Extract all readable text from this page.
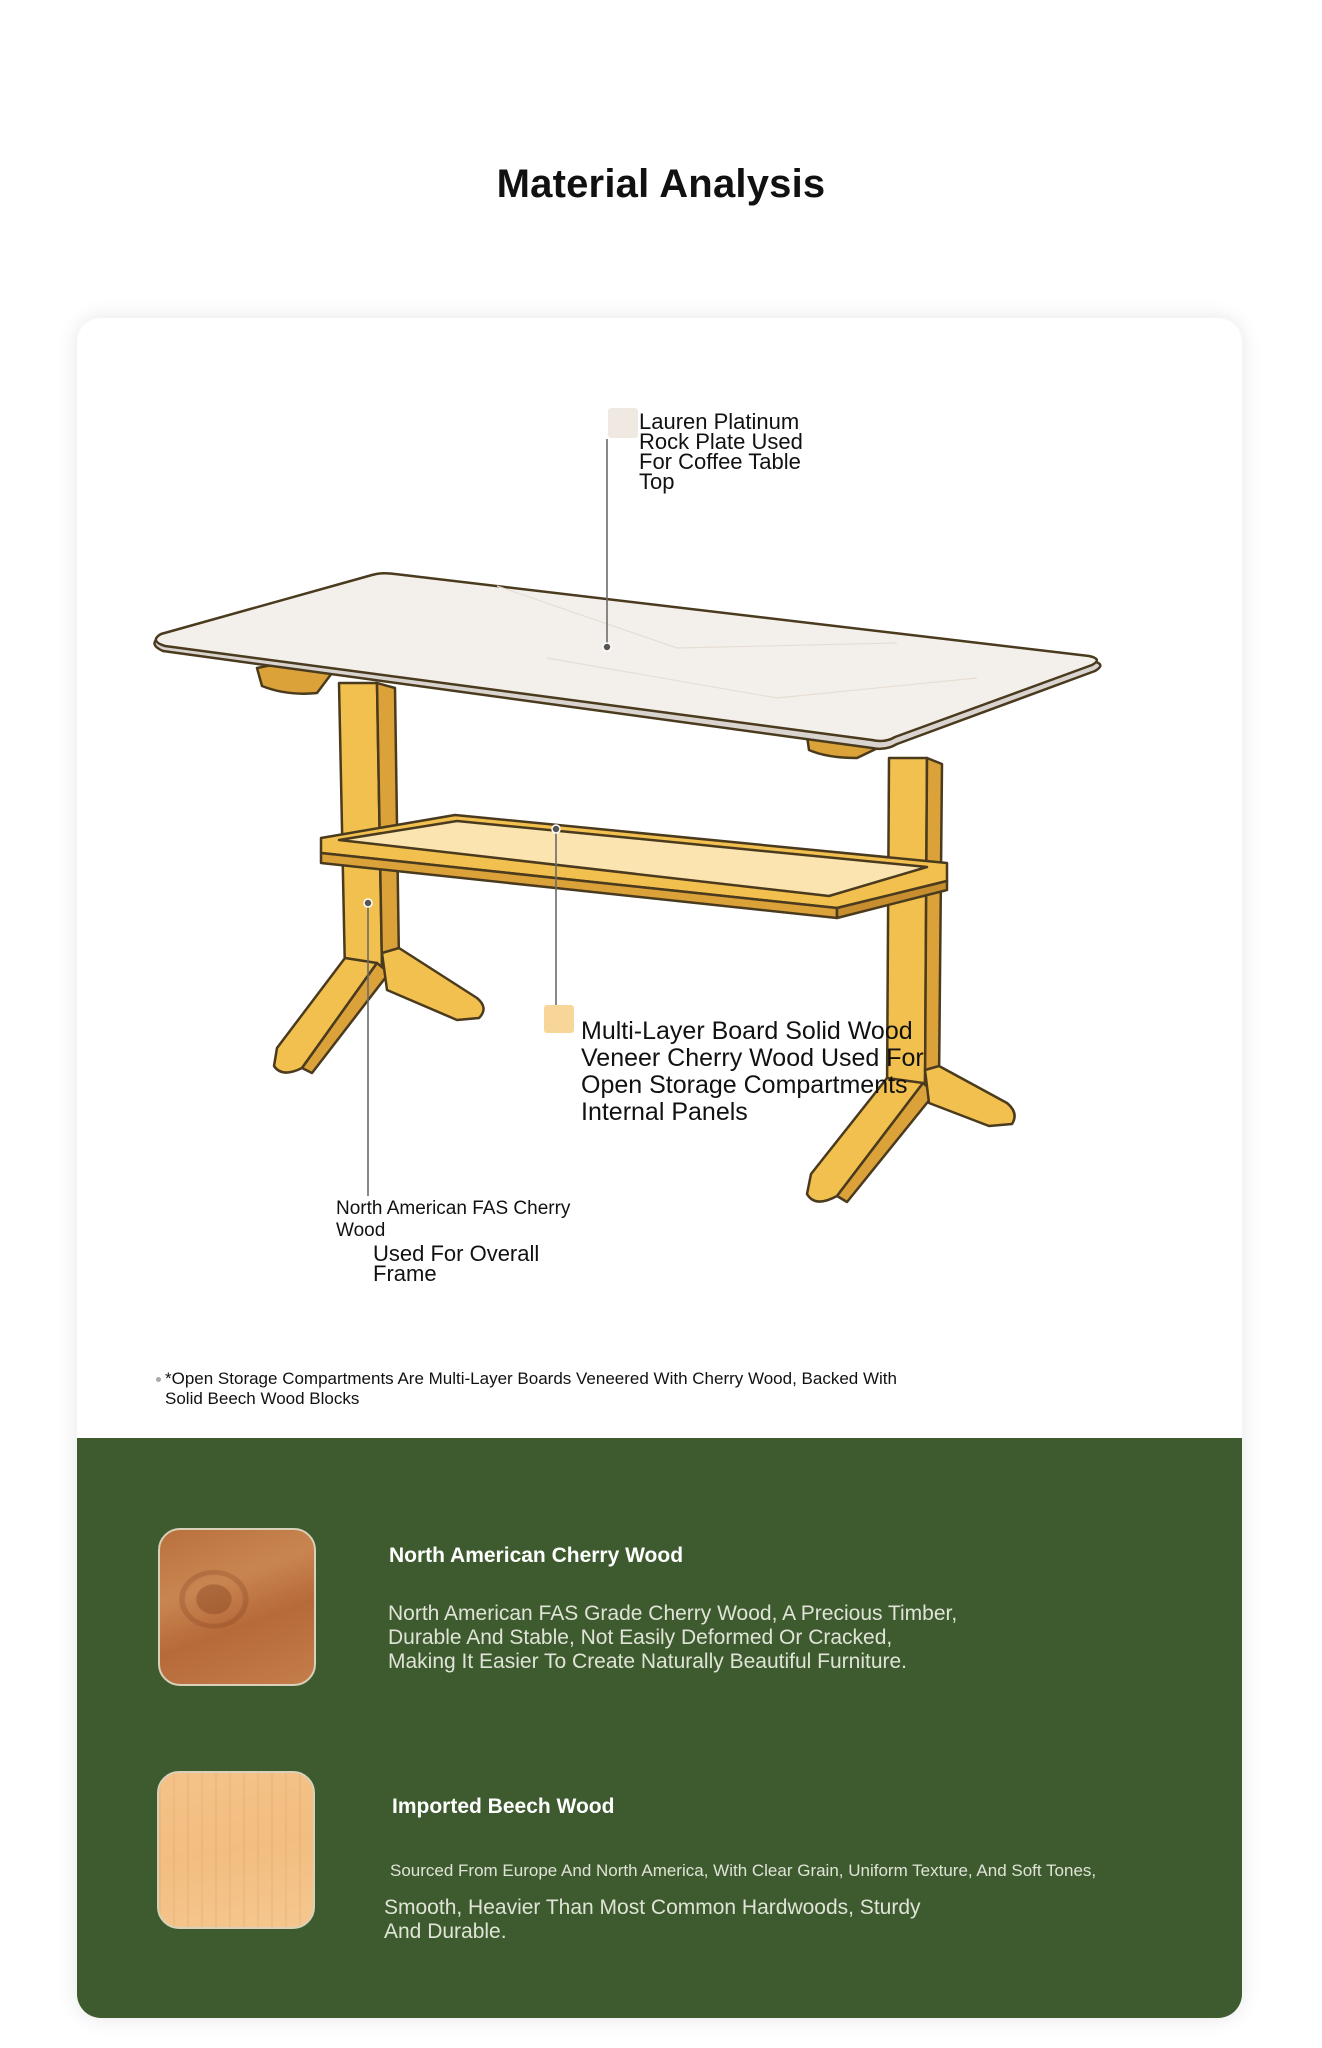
Material Analysis
Lauren Platinum
Rock Plate Used
For Coffee Table
Top
Multi-Layer Board Solid Wood
Veneer Cherry Wood Used For
Open Storage Compartments
Internal Panels
North American FAS Cherry
Wood
Used For Overall
Frame
*Open Storage Compartments Are Multi-Layer Boards Veneered With Cherry Wood, Backed With
Solid Beech Wood Blocks
North American Cherry Wood
North American FAS Grade Cherry Wood, A Precious Timber,
Durable And Stable, Not Easily Deformed Or Cracked,
Making It Easier To Create Naturally Beautiful Furniture.
Imported Beech Wood
Sourced From Europe And North America, With Clear Grain, Uniform Texture, And Soft Tones,
Smooth, Heavier Than Most Common Hardwoods, Sturdy
And Durable.
